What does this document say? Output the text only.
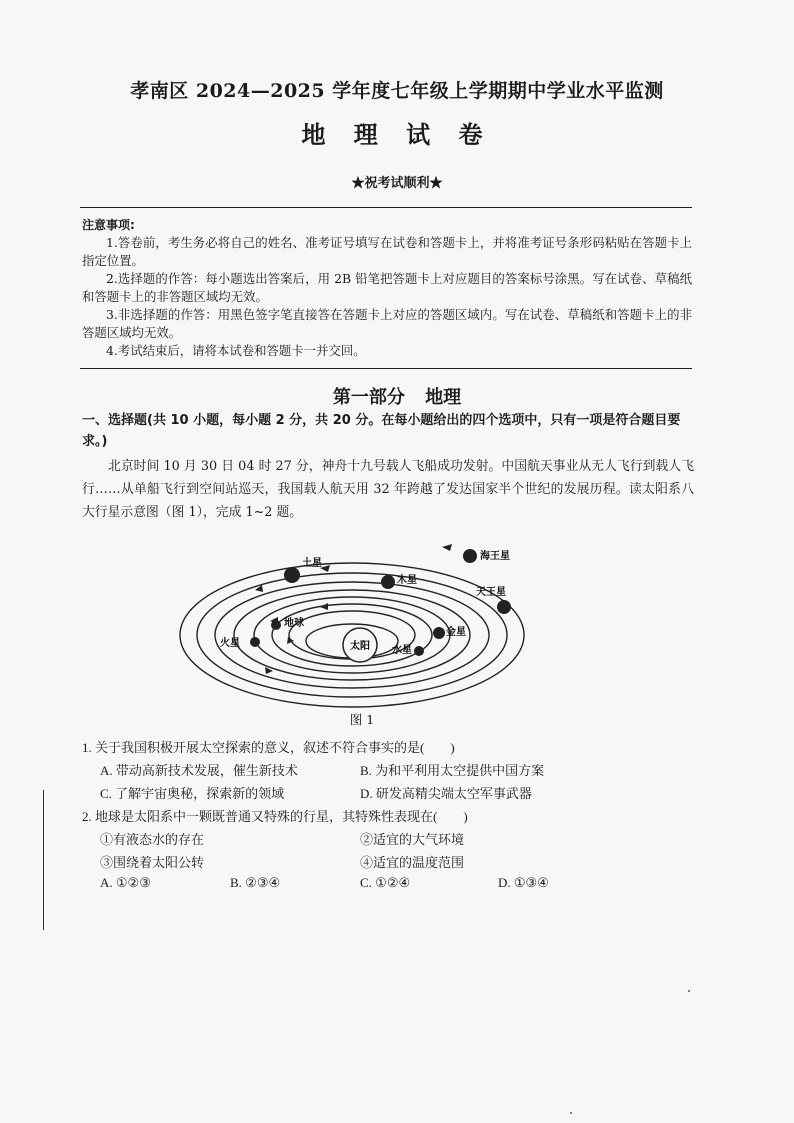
孝南区 2024—2025 学年度七年级上学期期中学业水平监测
地 理 试 卷
★祝考试顺利★
注意事项:

1.答卷前，考生务必将自己的姓名、准考证号填写在试卷和答题卡上，并将准考证号条形码粘贴在答题卡上指定位置。

2.选择题的作答：每小题选出答案后，用 2B 铅笔把答题卡上对应题目的答案标号涂黑。写在试卷、草稿纸和答题卡上的非答题区域均无效。

3.非选择题的作答：用黑色签字笔直接答在答题卡上对应的答题区域内。写在试卷、草稿纸和答题卡上的非答题区域均无效。

4.考试结束后，请将本试卷和答题卡一并交回。

第一部分 地理
一、选择题(共 10 小题，每小题 2 分，共 20 分。在每小题给出的四个选项中，只有一项是符合题目要求。)
北京时间 10 月 30 日 04 时 27 分，神舟十九号载人飞船成功发射。中国航天事业从无人飞行到载人飞行……从单船飞行到空间站巡天，我国载人航天用 32 年跨越了发达国家半个世纪的发展历程。读太阳系八大行星示意图（图 1），完成 1~2 题。
太阳 水星
金星
地球
火星
木星
土星
天王星
海王星
图 1
1. 关于我国积极开展太空探索的意义，叙述不符合事实的是(　　)
A. 带动高新技术发展，催生新技术	B. 为和平利用太空提供中国方案
C. 了解宇宙奥秘，探索新的领域	D. 研发高精尖端太空军事武器
2. 地球是太阳系中一颗既普通又特殊的行星，其特殊性表现在(　　)
①有液态水的存在	②适宜的大气环境
③围绕着太阳公转	④适宜的温度范围
A. ①②③	B. ②③④	C. ①②④	D. ①③④
